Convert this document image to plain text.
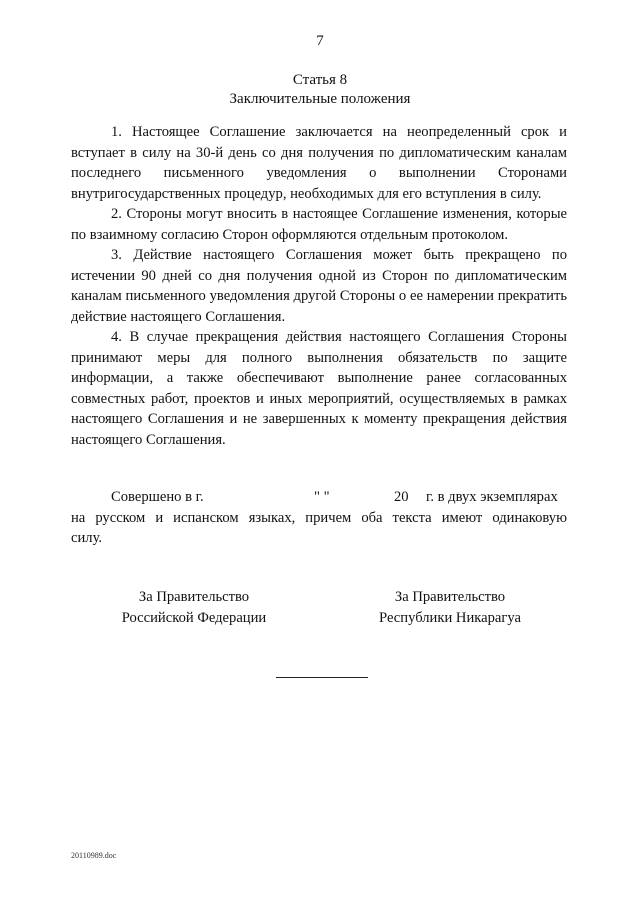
7
Статья 8
Заключительные положения

1. Настоящее Соглашение заключается на неопределенный срок и вступает в силу на 30-й день со дня получения по дипломатическим каналам последнего письменного уведомления о выполнении Сторонами внутригосударственных процедур, необходимых для его вступления в силу.

2. Стороны могут вносить в настоящее Соглашение изменения, которые по взаимному согласию Сторон оформляются отдельным протоколом.

3. Действие настоящего Соглашения может быть прекращено по истечении 90 дней со дня получения одной из Сторон по дипломатическим каналам письменного уведомления другой Стороны о ее намерении прекратить действие настоящего Соглашения.

4. В случае прекращения действия настоящего Соглашения Стороны принимают меры для полного выполнения обязательств по защите информации, а также обеспечивают выполнение ранее согласованных совместных работ, проектов и иных мероприятий, осуществляемых в рамках настоящего Соглашения и не завершенных к моменту прекращения действия настоящего Соглашения.

Совершено в г.	" "	20 г. в двух экземплярах

на русском и испанском языках, причем оба текста имеют одинаковую

силу.

За Правительство
Российской Федерации
За Правительство
Республики Никарагуа
20110989.doc
